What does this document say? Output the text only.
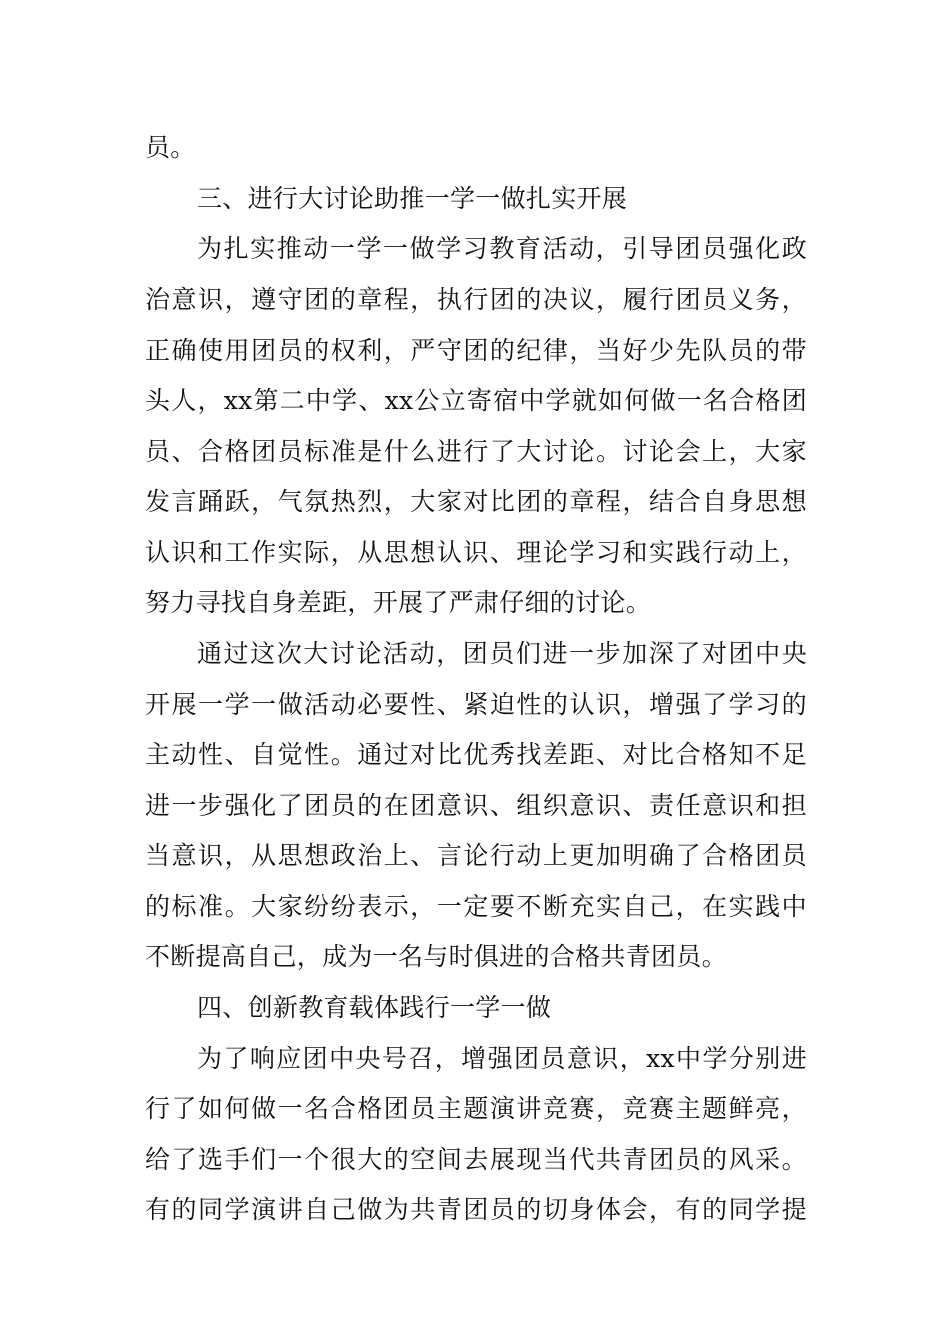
员。
三、进行大讨论助推一学一做扎实开展
为扎实推动一学一做学习教育活动，引导团员强化政
治意识，遵守团的章程，执行团的决议，履行团员义务，
正确使用团员的权利，严守团的纪律，当好少先队员的带
头人，xx第二中学、xx公立寄宿中学就如何做一名合格团
员、合格团员标准是什么进行了大讨论。讨论会上，大家
发言踊跃，气氛热烈，大家对比团的章程，结合自身思想
认识和工作实际，从思想认识、理论学习和实践行动上，
努力寻找自身差距，开展了严肃仔细的讨论。
通过这次大讨论活动，团员们进一步加深了对团中央
开展一学一做活动必要性、紧迫性的认识，增强了学习的
主动性、自觉性。通过对比优秀找差距、对比合格知不足
进一步强化了团员的在团意识、组织意识、责任意识和担
当意识，从思想政治上、言论行动上更加明确了合格团员
的标准。大家纷纷表示，一定要不断充实自己，在实践中
不断提高自己，成为一名与时俱进的合格共青团员。
四、创新教育载体践行一学一做
为了响应团中央号召，增强团员意识，xx中学分别进
行了如何做一名合格团员主题演讲竞赛，竞赛主题鲜亮，
给了选手们一个很大的空间去展现当代共青团员的风采。
有的同学演讲自己做为共青团员的切身体会，有的同学提
